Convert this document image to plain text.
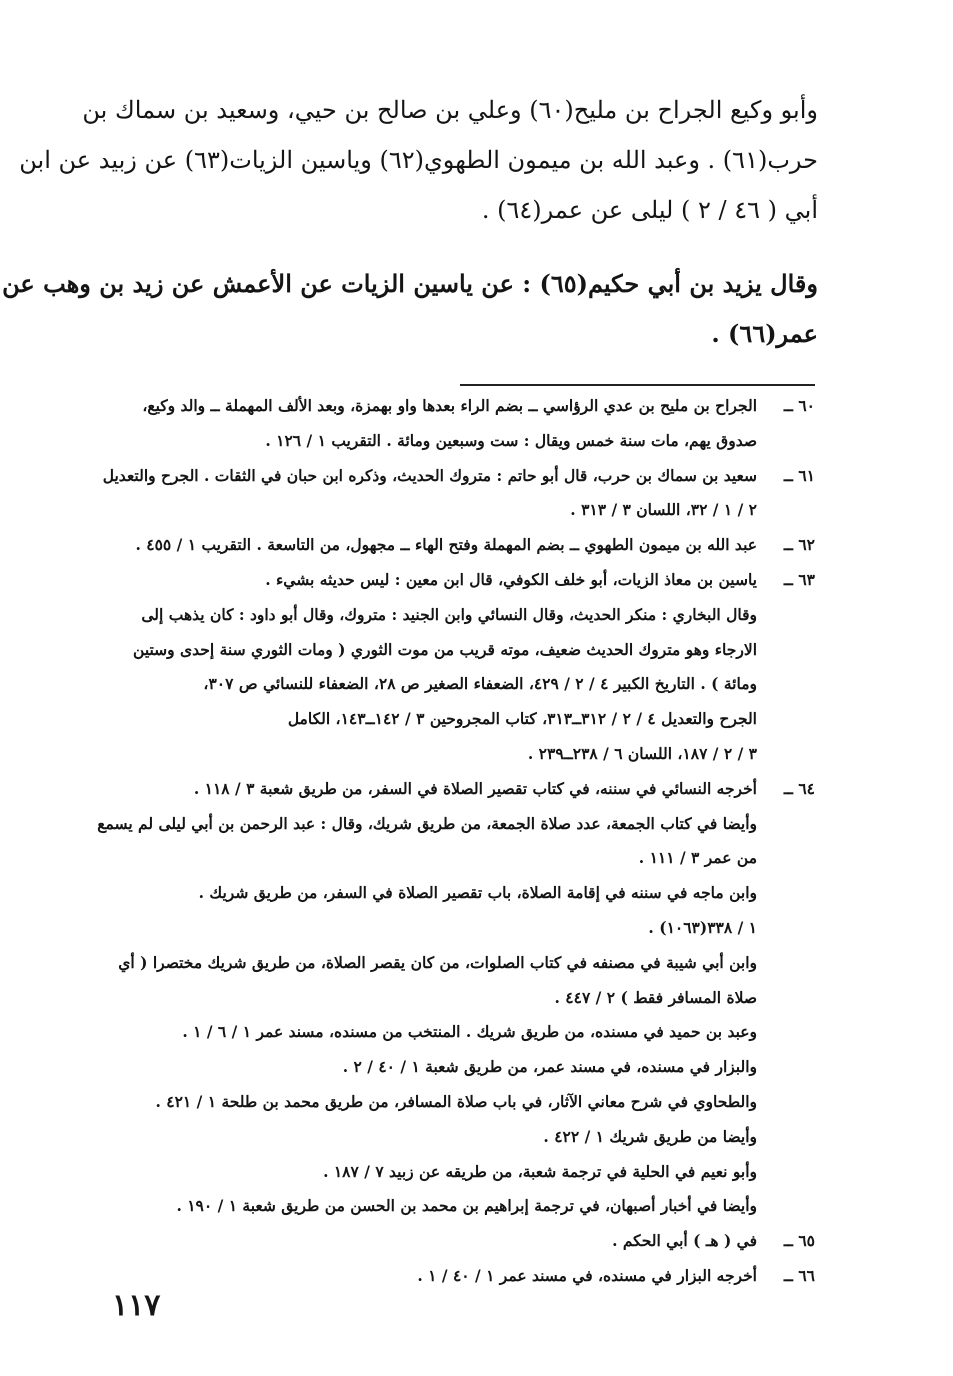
وأبو وكيع الجراح بن مليح(٦٠) وعلي بن صالح بن حيي، وسعيد بن سماك بن
حرب(٦١) . وعبد الله بن ميمون الطهوي(٦٢) وياسين الزيات(٦٣) عن زبيد عن ابن
أبي ( ٤٦ / ٢ ) ليلى عن عمر(٦٤) .
وقال يزيد بن أبي حكيم(٦٥) : عن ياسين الزيات عن الأعمش عن زيد بن وهب عن
عمر(٦٦) .
٦٠ ــالجراح بن مليح بن عدي الرؤاسي ــ بضم الراء بعدها واو بهمزة، وبعد الألف المهملة ــ والد وكيع،
صدوق يهم، مات سنة خمس ويقال : ست وسبعين ومائة . التقريب ١ / ١٢٦ .
٦١ ــسعيد بن سماك بن حرب، قال أبو حاتم : متروك الحديث، وذكره ابن حبان في الثقات . الجرح والتعديل
٢ / ١ / ٣٢، اللسان ٣ / ٣١٣ .
٦٢ ــعبد الله بن ميمون الطهوي ــ بضم المهملة وفتح الهاء ــ مجهول، من التاسعة . التقريب ١ / ٤٥٥ .
٦٣ ــياسين بن معاذ الزيات، أبو خلف الكوفي، قال ابن معين : ليس حديثه بشيء .
وقال البخاري : منكر الحديث، وقال النسائي وابن الجنيد : متروك، وقال أبو داود : كان يذهب إلى
الارجاء وهو متروك الحديث ضعيف، موته قريب من موت الثوري ( ومات الثوري سنة إحدى وستين
ومائة ) . التاريخ الكبير ٤ / ٢ / ٤٢٩، الضعفاء الصغير ص ٢٨، الضعفاء للنسائي ص ٣٠٧،
الجرح والتعديل ٤ / ٢ / ٣١٢ــ٣١٣، كتاب المجروحين ٣ / ١٤٢ــ١٤٣، الكامل
٣ / ٢ / ١٨٧، اللسان ٦ / ٢٣٨ــ٢٣٩ .
٦٤ ــأخرجه النسائي في سننه، في كتاب تقصير الصلاة في السفر، من طريق شعبة ٣ / ١١٨ .
وأيضا في كتاب الجمعة، عدد صلاة الجمعة، من طريق شريك، وقال : عبد الرحمن بن أبي ليلى لم يسمع
من عمر ٣ / ١١١ .
وابن ماجه في سننه في إقامة الصلاة، باب تقصير الصلاة في السفر، من طريق شريك .
١ / ٣٣٨(١٠٦٣) .
وابن أبي شيبة في مصنفه في كتاب الصلوات، من كان يقصر الصلاة، من طريق شريك مختصرا ( أي
صلاة المسافر فقط ) ٢ / ٤٤٧ .
وعبد بن حميد في مسنده، من طريق شريك . المنتخب من مسنده، مسند عمر ١ / ٦ / ١ .
والبزار في مسنده، في مسند عمر، من طريق شعبة ١ / ٤٠ / ٢ .
والطحاوي في شرح معاني الآثار، في باب صلاة المسافر، من طريق محمد بن طلحة ١ / ٤٢١ .
وأيضا من طريق شريك ١ / ٤٢٢ .
وأبو نعيم في الحلية في ترجمة شعبة، من طريقه عن زبيد ٧ / ١٨٧ .
وأيضا في أخبار أصبهان، في ترجمة إبراهيم بن محمد بن الحسن من طريق شعبة ١ / ١٩٠ .
٦٥ ــفي ( هـ ) أبي الحكم .
٦٦ ــأخرجه البزار في مسنده، في مسند عمر ١ / ٤٠ / ١ .
١١٧
